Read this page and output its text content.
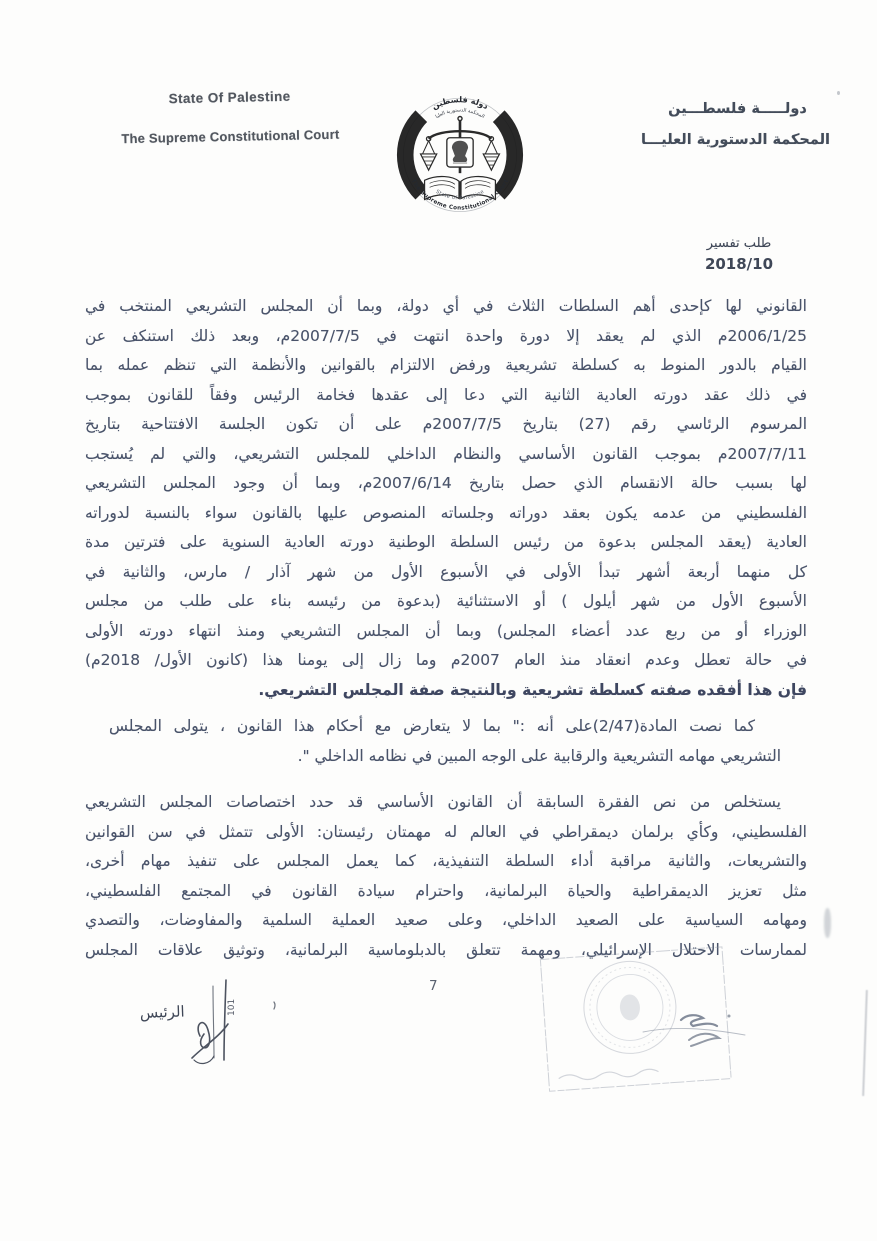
State Of Palestine
The Supreme Constitutional Court
دولة فلسطين
المحكمة الدستورية العليا
State of Palestine
The Supreme Constitutional Court
دولـــــة فلسطـــين
المحكمة الدستورية العليـــا
طلب تفسير
2018/10
القانوني لها كإحدى أهم السلطات الثلاث في أي دولة، وبما أن المجلس التشريعي المنتخب في
2006/1/25م الذي لم يعقد إلا دورة واحدة انتهت في 2007/7/5م، وبعد ذلك استنكف عن
القيام بالدور المنوط به كسلطة تشريعية ورفض الالتزام بالقوانين والأنظمة التي تنظم عمله بما
في ذلك عقد دورته العادية الثانية التي دعا إلى عقدها فخامة الرئيس وفقاً للقانون بموجب
المرسوم الرئاسي رقم (27) بتاريخ 2007/7/5م على أن تكون الجلسة الافتتاحية بتاريخ
2007/7/11م بموجب القانون الأساسي والنظام الداخلي للمجلس التشريعي، والتي لم يُستجب
لها بسبب حالة الانقسام الذي حصل بتاريخ 2007/6/14م، وبما أن وجود المجلس التشريعي
الفلسطيني من عدمه يكون بعقد دوراته وجلساته المنصوص عليها بالقانون سواء بالنسبة لدوراته
العادية (يعقد المجلس بدعوة من رئيس السلطة الوطنية دورته العادية السنوية على فترتين مدة
كل منهما أربعة أشهر تبدأ الأولى في الأسبوع الأول من شهر آذار / مارس، والثانية في
الأسبوع الأول من شهر أيلول ) أو الاستثنائية (بدعوة من رئيسه بناء على طلب من مجلس
الوزراء أو من ربع عدد أعضاء المجلس) وبما أن المجلس التشريعي ومنذ انتهاء دورته الأولى
في حالة تعطل وعدم انعقاد منذ العام 2007م وما زال إلى يومنا هذا (كانون الأول/ 2018م)
فإن هذا أفقده صفته كسلطة تشريعية وبالنتيجة صفة المجلس التشريعي.
كما نصت المادة(2/47)على أنه :" بما لا يتعارض مع أحكام هذا القانون ، يتولى المجلس
التشريعي مهامه التشريعية والرقابية على الوجه المبين في نظامه الداخلي ".
يستخلص من نص الفقرة السابقة أن القانون الأساسي قد حدد اختصاصات المجلس التشريعي
الفلسطيني، وكأي برلمان ديمقراطي في العالم له مهمتان رئيستان: الأولى تتمثل في سن القوانين
والتشريعات، والثانية مراقبة أداء السلطة التنفيذية، كما يعمل المجلس على تنفيذ مهام أخرى،
مثل تعزيز الديمقراطية والحياة البرلمانية، واحترام سيادة القانون في المجتمع الفلسطيني،
ومهامه السياسية على الصعيد الداخلي، وعلى صعيد العملية السلمية والمفاوضات، والتصدي
لممارسات الاحتلال الإسرائيلي، ومهمة تتعلق بالدبلوماسية البرلمانية، وتوثيق علاقات المجلس
7
101
الرئيس
